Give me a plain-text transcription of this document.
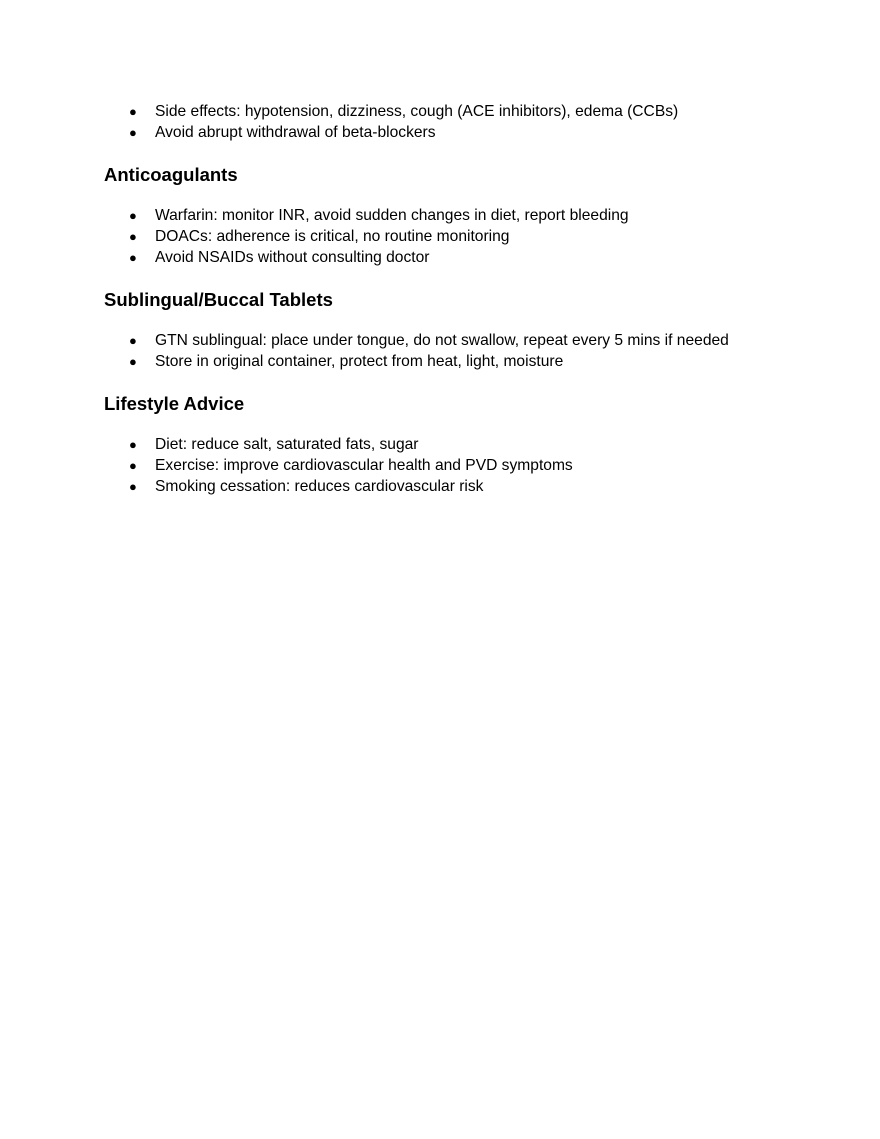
● Side effects: hypotension, dizziness, cough (ACE inhibitors), edema (CCBs)
● Avoid abrupt withdrawal of beta-blockers
Anticoagulants
● Warfarin: monitor INR, avoid sudden changes in diet, report bleeding
● DOACs: adherence is critical, no routine monitoring
● Avoid NSAIDs without consulting doctor
Sublingual/Buccal Tablets
● GTN sublingual: place under tongue, do not swallow, repeat every 5 mins if needed
● Store in original container, protect from heat, light, moisture
Lifestyle Advice
● Diet: reduce salt, saturated fats, sugar
● Exercise: improve cardiovascular health and PVD symptoms
● Smoking cessation: reduces cardiovascular risk
